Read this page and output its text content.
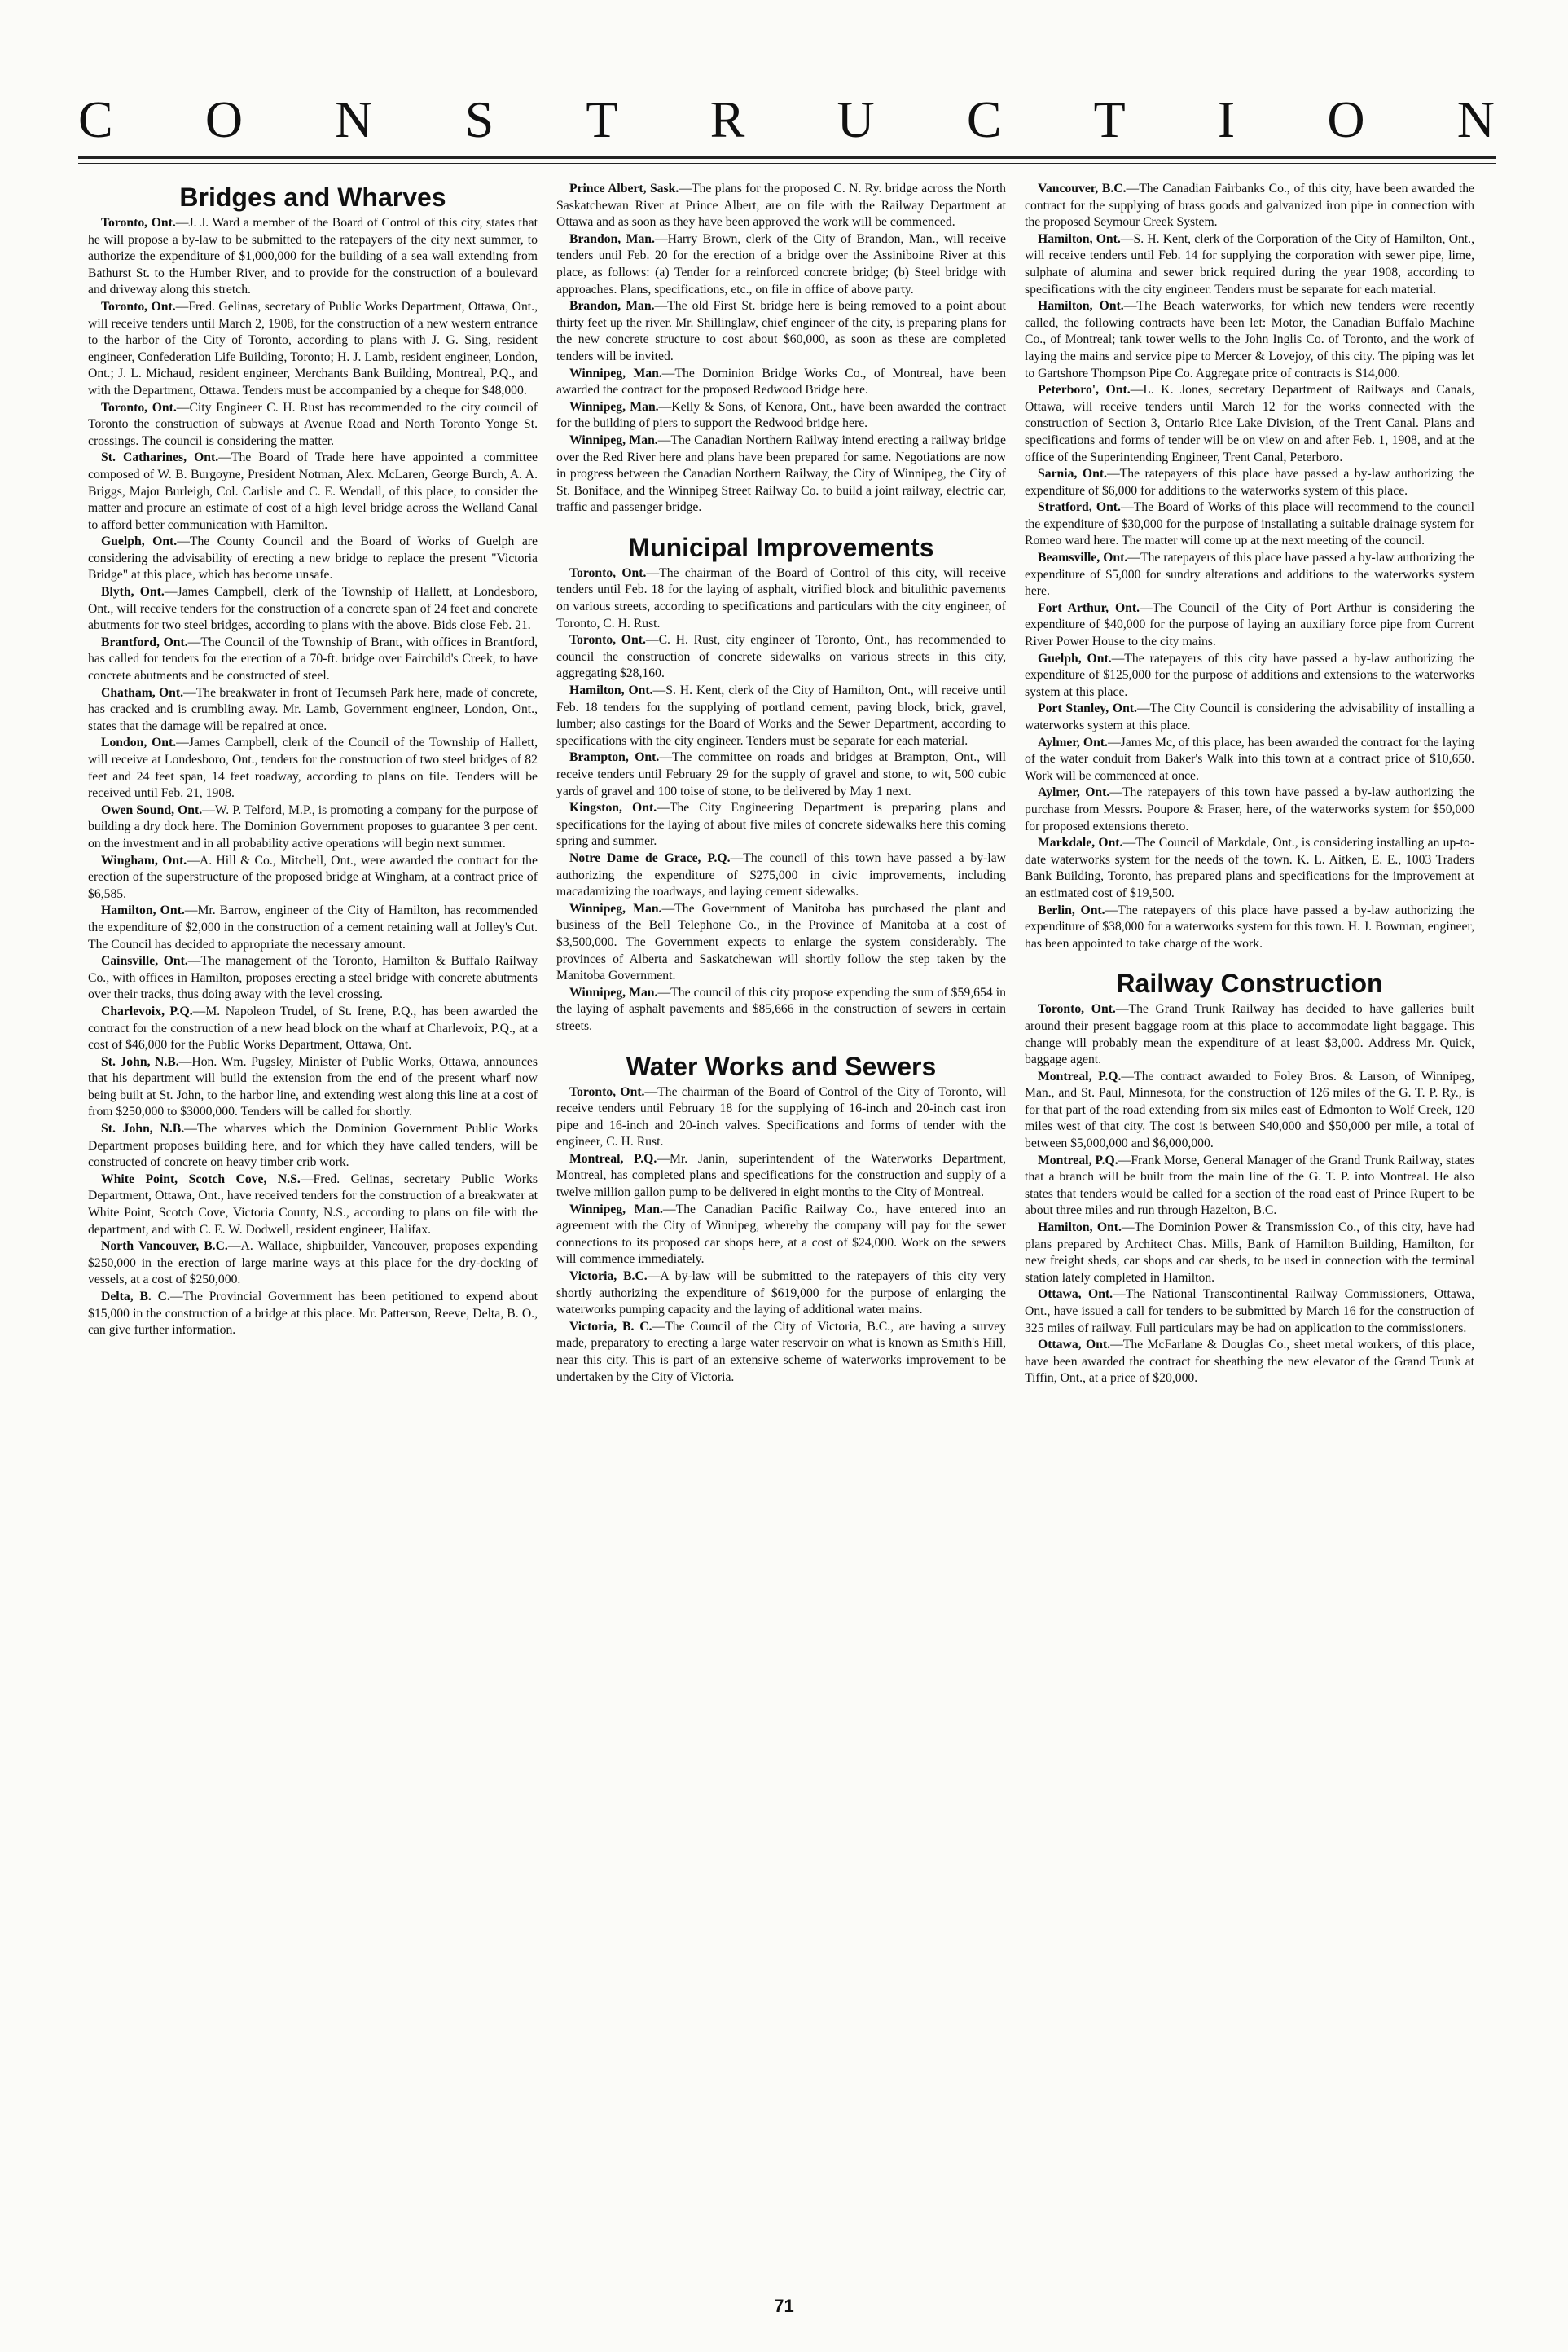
C O N S T R U C T I O N
Bridges and Wharves

Toronto, Ont.—J. J. Ward a member of the Board of Control of this city, states that he will propose a by-law to be submitted to the ratepayers of the city next summer, to authorize the expenditure of $1,000,000 for the building of a sea wall extending from Bathurst St. to the Humber River, and to provide for the construction of a boulevard and driveway along this stretch.

Toronto, Ont.—Fred. Gelinas, secretary of Public Works Department, Ottawa, Ont., will receive tenders until March 2, 1908, for the construction of a new western entrance to the harbor of the City of Toronto, according to plans with J. G. Sing, resident engineer, Confederation Life Building, Toronto; H. J. Lamb, resident engineer, London, Ont.; J. L. Michaud, resident engineer, Merchants Bank Building, Montreal, P.Q., and with the Department, Ottawa. Tenders must be accompanied by a cheque for $48,000.

Toronto, Ont.—City Engineer C. H. Rust has recommended to the city council of Toronto the construction of subways at Avenue Road and North Toronto Yonge St. crossings. The council is considering the matter.

St. Catharines, Ont.—The Board of Trade here have appointed a committee composed of W. B. Burgoyne, President Notman, Alex. McLaren, George Burch, A. A. Briggs, Major Burleigh, Col. Carlisle and C. E. Wendall, of this place, to consider the matter and procure an estimate of cost of a high level bridge across the Welland Canal to afford better communication with Hamilton.

Guelph, Ont.—The County Council and the Board of Works of Guelph are considering the advisability of erecting a new bridge to replace the present "Victoria Bridge" at this place, which has become unsafe.

Blyth, Ont.—James Campbell, clerk of the Township of Hallett, at Londesboro, Ont., will receive tenders for the construction of a concrete span of 24 feet and concrete abutments for two steel bridges, according to plans with the above. Bids close Feb. 21.

Brantford, Ont.—The Council of the Township of Brant, with offices in Brantford, has called for tenders for the erection of a 70-ft. bridge over Fairchild's Creek, to have concrete abutments and be constructed of steel.

Chatham, Ont.—The breakwater in front of Tecumseh Park here, made of concrete, has cracked and is crumbling away. Mr. Lamb, Government engineer, London, Ont., states that the damage will be repaired at once.

London, Ont.—James Campbell, clerk of the Council of the Township of Hallett, will receive at Londesboro, Ont., tenders for the construction of two steel bridges of 82 feet and 24 feet span, 14 feet roadway, according to plans on file. Tenders will be received until Feb. 21, 1908.

Owen Sound, Ont.—W. P. Telford, M.P., is promoting a company for the purpose of building a dry dock here. The Dominion Government proposes to guarantee 3 per cent. on the investment and in all probability active operations will begin next summer.

Wingham, Ont.—A. Hill & Co., Mitchell, Ont., were awarded the contract for the erection of the superstructure of the proposed bridge at Wingham, at a contract price of $6,585.

Hamilton, Ont.—Mr. Barrow, engineer of the City of Hamilton, has recommended the expenditure of $2,000 in the construction of a cement retaining wall at Jolley's Cut. The Council has decided to appropriate the necessary amount.

Cainsville, Ont.—The management of the Toronto, Hamilton & Buffalo Railway Co., with offices in Hamilton, proposes erecting a steel bridge with concrete abutments over their tracks, thus doing away with the level crossing.

Charlevoix, P.Q.—M. Napoleon Trudel, of St. Irene, P.Q., has been awarded the contract for the construction of a new head block on the wharf at Charlevoix, P.Q., at a cost of $46,000 for the Public Works Department, Ottawa, Ont.

St. John, N.B.—Hon. Wm. Pugsley, Minister of Public Works, Ottawa, announces that his department will build the extension from the end of the present wharf now being built at St. John, to the harbor line, and extending west along this line at a cost of from $250,000 to $3000,000. Tenders will be called for shortly.

St. John, N.B.—The wharves which the Dominion Government Public Works Department proposes building here, and for which they have called tenders, will be constructed of concrete on heavy timber crib work.

White Point, Scotch Cove, N.S.—Fred. Gelinas, secretary Public Works Department, Ottawa, Ont., have received tenders for the construction of a breakwater at White Point, Scotch Cove, Victoria County, N.S., according to plans on file with the department, and with C. E. W. Dodwell, resident engineer, Halifax.

North Vancouver, B.C.—A. Wallace, shipbuilder, Vancouver, proposes expending $250,000 in the erection of large marine ways at this place for the dry-docking of vessels, at a cost of $250,000.

Delta, B. C.—The Provincial Government has been petitioned to expend about $15,000 in the construction of a bridge at this place. Mr. Patterson, Reeve, Delta, B. O., can give further information.

Prince Albert, Sask.—The plans for the proposed C. N. Ry. bridge across the North Saskatchewan River at Prince Albert, are on file with the Railway Department at Ottawa and as soon as they have been approved the work will be commenced.

Brandon, Man.—Harry Brown, clerk of the City of Brandon, Man., will receive tenders until Feb. 20 for the erection of a bridge over the Assiniboine River at this place, as follows: (a) Tender for a reinforced concrete bridge; (b) Steel bridge with approaches. Plans, specifications, etc., on file in office of above party.

Brandon, Man.—The old First St. bridge here is being removed to a point about thirty feet up the river. Mr. Shillinglaw, chief engineer of the city, is preparing plans for the new concrete structure to cost about $60,000, as soon as these are completed tenders will be invited.

Winnipeg, Man.—The Dominion Bridge Works Co., of Montreal, have been awarded the contract for the proposed Redwood Bridge here.

Winnipeg, Man.—Kelly & Sons, of Kenora, Ont., have been awarded the contract for the building of piers to support the Redwood bridge here.

Winnipeg, Man.—The Canadian Northern Railway intend erecting a railway bridge over the Red River here and plans have been prepared for same. Negotiations are now in progress between the Canadian Northern Railway, the City of Winnipeg, the City of St. Boniface, and the Winnipeg Street Railway Co. to build a joint railway, electric car, traffic and passenger bridge.

Municipal Improvements

Toronto, Ont.—The chairman of the Board of Control of this city, will receive tenders until Feb. 18 for the laying of asphalt, vitrified block and bitulithic pavements on various streets, according to specifications and particulars with the city engineer, of Toronto, C. H. Rust.

Toronto, Ont.—C. H. Rust, city engineer of Toronto, Ont., has recommended to council the construction of concrete sidewalks on various streets in this city, aggregating $28,160.

Hamilton, Ont.—S. H. Kent, clerk of the City of Hamilton, Ont., will receive until Feb. 18 tenders for the supplying of portland cement, paving block, brick, gravel, lumber; also castings for the Board of Works and the Sewer Department, according to specifications with the city engineer. Tenders must be separate for each material.

Brampton, Ont.—The committee on roads and bridges at Brampton, Ont., will receive tenders until February 29 for the supply of gravel and stone, to wit, 500 cubic yards of gravel and 100 toise of stone, to be delivered by May 1 next.

Kingston, Ont.—The City Engineering Department is preparing plans and specifications for the laying of about five miles of concrete sidewalks here this coming spring and summer.

Notre Dame de Grace, P.Q.—The council of this town have passed a by-law authorizing the expenditure of $275,000 in civic improvements, including macadamizing the roadways, and laying cement sidewalks.

Winnipeg, Man.—The Government of Manitoba has purchased the plant and business of the Bell Telephone Co., in the Province of Manitoba at a cost of $3,500,000. The Government expects to enlarge the system considerably. The provinces of Alberta and Saskatchewan will shortly follow the step taken by the Manitoba Government.

Winnipeg, Man.—The council of this city propose expending the sum of $59,654 in the laying of asphalt pavements and $85,666 in the construction of sewers in certain streets.

Water Works and Sewers

Toronto, Ont.—The chairman of the Board of Control of the City of Toronto, will receive tenders until February 18 for the supplying of 16-inch and 20-inch cast iron pipe and 16-inch and 20-inch valves. Specifications and forms of tender with the engineer, C. H. Rust.

Montreal, P.Q.—Mr. Janin, superintendent of the Waterworks Department, Montreal, has completed plans and specifications for the construction and supply of a twelve million gallon pump to be delivered in eight months to the City of Montreal.

Winnipeg, Man.—The Canadian Pacific Railway Co., have entered into an agreement with the City of Winnipeg, whereby the company will pay for the sewer connections to its proposed car shops here, at a cost of $24,000. Work on the sewers will commence immediately.

Victoria, B.C.—A by-law will be submitted to the ratepayers of this city very shortly authorizing the expenditure of $619,000 for the purpose of enlarging the waterworks pumping capacity and the laying of additional water mains.

Victoria, B. C.—The Council of the City of Victoria, B.C., are having a survey made, preparatory to erecting a large water reservoir on what is known as Smith's Hill, near this city. This is part of an extensive scheme of waterworks improvement to be undertaken by the City of Victoria.

Vancouver, B.C.—The Canadian Fairbanks Co., of this city, have been awarded the contract for the supplying of brass goods and galvanized iron pipe in connection with the proposed Seymour Creek System.

Hamilton, Ont.—S. H. Kent, clerk of the Corporation of the City of Hamilton, Ont., will receive tenders until Feb. 14 for supplying the corporation with sewer pipe, lime, sulphate of alumina and sewer brick required during the year 1908, according to specifications with the city engineer. Tenders must be separate for each material.

Hamilton, Ont.—The Beach waterworks, for which new tenders were recently called, the following contracts have been let: Motor, the Canadian Buffalo Machine Co., of Montreal; tank tower wells to the John Inglis Co. of Toronto, and the work of laying the mains and service pipe to Mercer & Lovejoy, of this city. The piping was let to Gartshore Thompson Pipe Co. Aggregate price of contracts is $14,000.

Peterboro', Ont.—L. K. Jones, secretary Department of Railways and Canals, Ottawa, will receive tenders until March 12 for the works connected with the construction of Section 3, Ontario Rice Lake Division, of the Trent Canal. Plans and specifications and forms of tender will be on view on and after Feb. 1, 1908, and at the office of the Superintending Engineer, Trent Canal, Peterboro.

Sarnia, Ont.—The ratepayers of this place have passed a by-law authorizing the expenditure of $6,000 for additions to the waterworks system of this place.

Stratford, Ont.—The Board of Works of this place will recommend to the council the expenditure of $30,000 for the purpose of installating a suitable drainage system for Romeo ward here. The matter will come up at the next meeting of the council.

Beamsville, Ont.—The ratepayers of this place have passed a by-law authorizing the expenditure of $5,000 for sundry alterations and additions to the waterworks system here.

Fort Arthur, Ont.—The Council of the City of Port Arthur is considering the expenditure of $40,000 for the purpose of laying an auxiliary force pipe from Current River Power House to the city mains.

Guelph, Ont.—The ratepayers of this city have passed a by-law authorizing the expenditure of $125,000 for the purpose of additions and extensions to the waterworks system at this place.

Port Stanley, Ont.—The City Council is considering the advisability of installing a waterworks system at this place.

Aylmer, Ont.—James Mc, of this place, has been awarded the contract for the laying of the water conduit from Baker's Walk into this town at a contract price of $10,650. Work will be commenced at once.

Aylmer, Ont.—The ratepayers of this town have passed a by-law authorizing the purchase from Messrs. Poupore & Fraser, here, of the waterworks system for $50,000 for proposed extensions thereto.

Markdale, Ont.—The Council of Markdale, Ont., is considering installing an up-to-date waterworks system for the needs of the town. K. L. Aitken, E. E., 1003 Traders Bank Building, Toronto, has prepared plans and specifications for the improvement at an estimated cost of $19,500.

Berlin, Ont.—The ratepayers of this place have passed a by-law authorizing the expenditure of $38,000 for a waterworks system for this town. H. J. Bowman, engineer, has been appointed to take charge of the work.

Railway Construction

Toronto, Ont.—The Grand Trunk Railway has decided to have galleries built around their present baggage room at this place to accommodate light baggage. This change will probably mean the expenditure of at least $3,000. Address Mr. Quick, baggage agent.

Montreal, P.Q.—The contract awarded to Foley Bros. & Larson, of Winnipeg, Man., and St. Paul, Minnesota, for the construction of 126 miles of the G. T. P. Ry., is for that part of the road extending from six miles east of Edmonton to Wolf Creek, 120 miles west of that city. The cost is between $40,000 and $50,000 per mile, a total of between $5,000,000 and $6,000,000.

Montreal, P.Q.—Frank Morse, General Manager of the Grand Trunk Railway, states that a branch will be built from the main line of the G. T. P. into Montreal. He also states that tenders would be called for a section of the road east of Prince Rupert to be about three miles and run through Hazelton, B.C.

Hamilton, Ont.—The Dominion Power & Transmission Co., of this city, have had plans prepared by Architect Chas. Mills, Bank of Hamilton Building, Hamilton, for new freight sheds, car shops and car sheds, to be used in connection with the terminal station lately completed in Hamilton.

Ottawa, Ont.—The National Transcontinental Railway Commissioners, Ottawa, Ont., have issued a call for tenders to be submitted by March 16 for the construction of 325 miles of railway. Full particulars may be had on application to the commissioners.

Ottawa, Ont.—The McFarlane & Douglas Co., sheet metal workers, of this place, have been awarded the contract for sheathing the new elevator of the Grand Trunk at Tiffin, Ont., at a price of $20,000.

71
